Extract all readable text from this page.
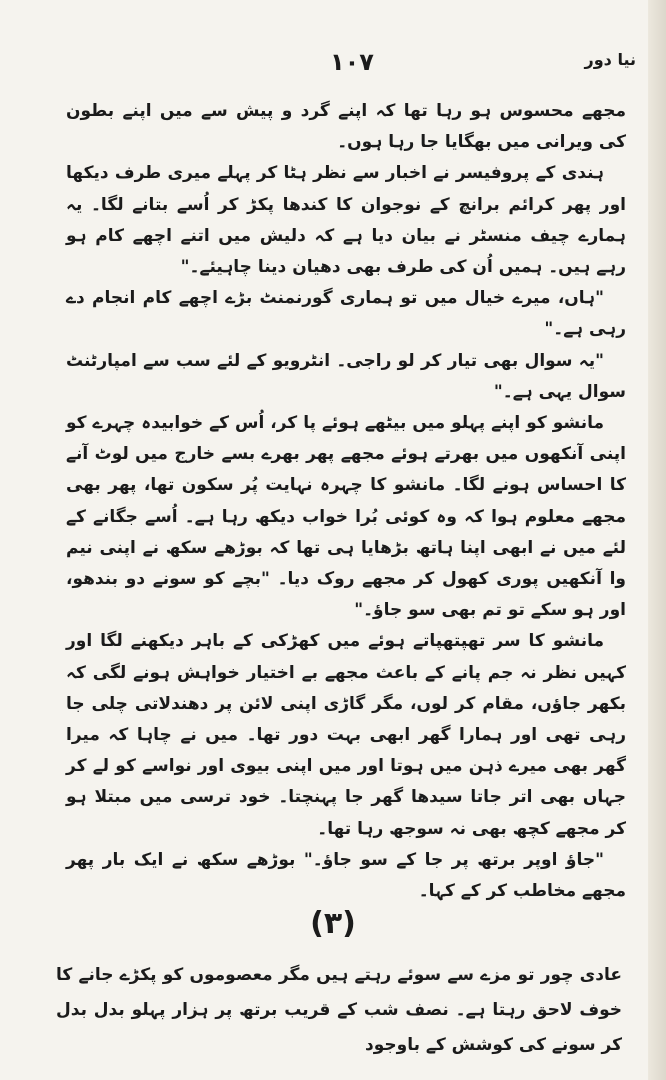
۱۰۷	نیا دور

مجھے محسوس ہو رہا تھا کہ اپنے گرد و پیش سے میں اپنے بطون کی ویرانی میں بھگایا جا رہا ہوں۔

ہندی کے پروفیسر نے اخبار سے نظر ہٹا کر پہلے میری طرف دیکھا اور پھر کرائم برانچ کے نوجوان کا کندھا پکڑ کر اُسے بتانے لگا۔ یہ ہمارے چیف منسٹر نے بیان دیا ہے کہ دلیش میں اتنے اچھے کام ہو رہے ہیں۔ ہمیں اُن کی طرف بھی دھیان دینا چاہیئے۔"

"ہاں، میرے خیال میں تو ہماری گورنمنٹ بڑے اچھے کام انجام دے رہی ہے۔"

"یہ سوال بھی تیار کر لو راجی۔ انٹرویو کے لئے سب سے امپارٹنٹ سوال یہی ہے۔"

مانشو کو اپنے پہلو میں بیٹھے ہوئے پا کر، اُس کے خوابیدہ چہرے کو اپنی آنکھوں میں بھرتے ہوئے مجھے پھر بھرے بسے خارج میں لوٹ آنے کا احساس ہونے لگا۔ مانشو کا چہرہ نہایت پُر سکون تھا، پھر بھی مجھے معلوم ہوا کہ وہ کوئی بُرا خواب دیکھ رہا ہے۔ اُسے جگانے کے لئے میں نے ابھی اپنا ہاتھ بڑھایا ہی تھا کہ بوڑھے سکھ نے اپنی نیم وا آنکھیں پوری کھول کر مجھے روک دیا۔ "بچے کو سونے دو بندھو، اور ہو سکے تو تم بھی سو جاؤ۔"

مانشو کا سر تھپتھپاتے ہوئے میں کھڑکی کے باہر دیکھنے لگا اور کہیں نظر نہ جم پانے کے باعث مجھے بے اختیار خواہش ہونے لگی کہ بکھر جاؤں، مقام کر لوں، مگر گاڑی اپنی لائن پر دھندلاتی چلی جا رہی تھی اور ہمارا گھر ابھی بہت دور تھا۔ میں نے چاہا کہ میرا گھر بھی میرے ذہن میں ہوتا اور میں اپنی بیوی اور نواسے کو لے کر جہاں بھی اتر جاتا سیدھا گھر جا پہنچتا۔ خود ترسی میں مبتلا ہو کر مجھے کچھ بھی نہ سوجھ رہا تھا۔

"جاؤ اوپر برتھ پر جا کے سو جاؤ۔" بوڑھے سکھ نے ایک بار پھر مجھے مخاطب کر کے کہا۔

(۳)

عادی چور تو مزے سے سوئے رہتے ہیں مگر معصوموں کو پکڑے جانے کا خوف لاحق رہتا ہے۔ نصف شب کے قریب برتھ پر ہزار پہلو بدل بدل کر سونے کی کوشش کے باوجود
